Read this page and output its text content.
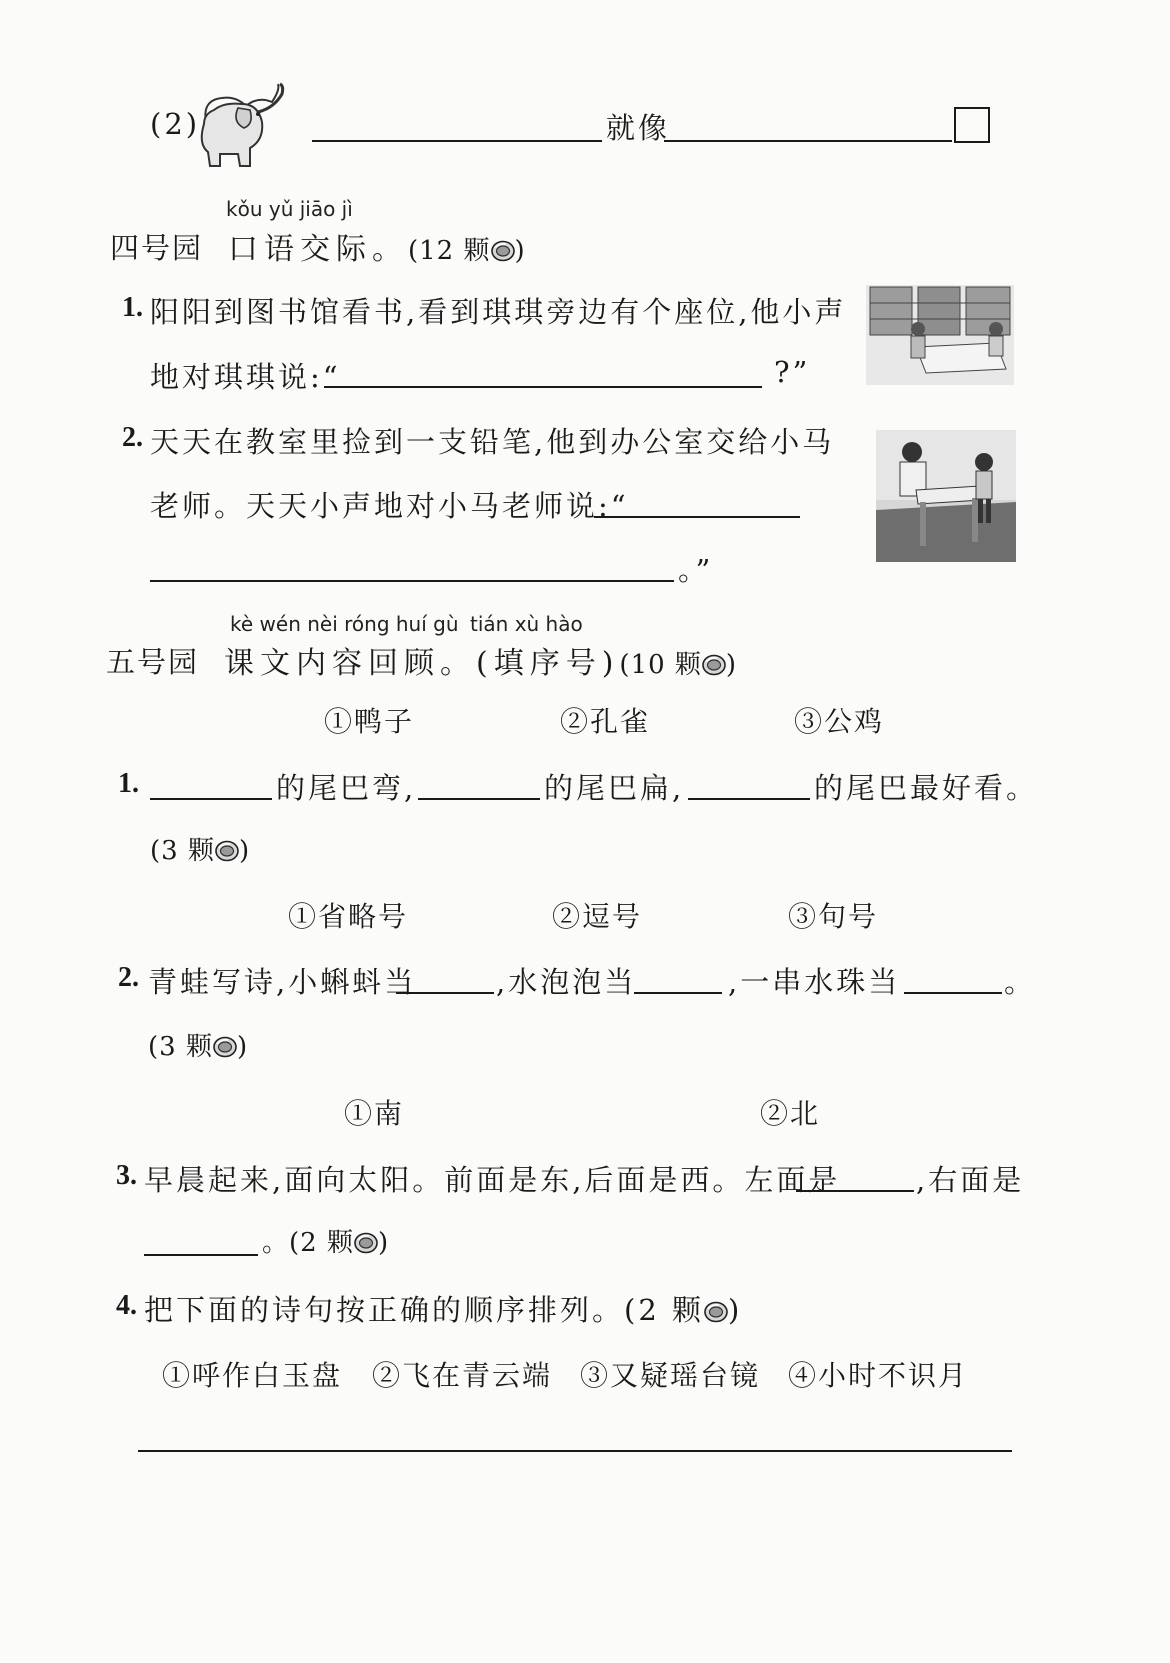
(2)	就像
kǒu yǔ jiāo jì
四号园 口语交际。(12 颗 )
1. 阳阳到图书馆看书,看到琪琪旁边有个座位,他小声
地对琪琪说:“	?”
2. 天天在教室里捡到一支铅笔,他到办公室交给小马
老师。天天小声地对小马老师说:“
。”
kè wén nèi róng huí gù tián xù hào
五号园 课文内容回顾。(填序号)(10 颗 )
①鸭子	②孔雀	③公鸡
1.	的尾巴弯,	的尾巴扁,	的尾巴最好看。
(3 颗 )
①省略号	②逗号	③句号
2. 青蛙写诗,小蝌蚪当	,水泡泡当	,一串水珠当	。
(3 颗 )
①南	②北
3. 早晨起来,面向太阳。前面是东,后面是西。左面是	,右面是
。(2 颗 )
4. 把下面的诗句按正确的顺序排列。(2 颗 )
①呼作白玉盘 ②飞在青云端 ③又疑瑶台镜 ④小时不识月
